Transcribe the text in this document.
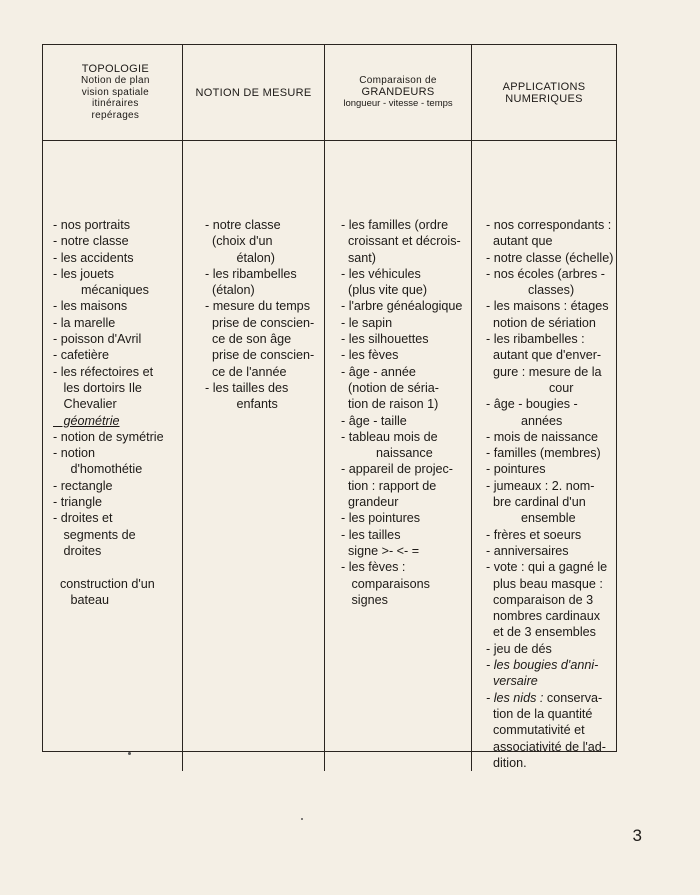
TOPOLOGIE
Notion de plan
vision spatiale
itinéraires
repérages
NOTION DE MESURE
Comparaison de
GRANDEURS
longueur - vitesse - temps
APPLICATIONS
NUMERIQUES
- nos portraits
- notre classe
- les accidents
- les jouets
mécaniques
- les maisons
- la marelle
- poisson d'Avril
- cafetière
- les réfectoires et
les dortoirs Ile
Chevalier
géométrie
- notion de symétrie
- notion
d'homothétie
- rectangle
- triangle
- droites et
segments de
droites

construction d'un
bateau
- notre classe
(choix d'un
étalon)
- les ribambelles
(étalon)
- mesure du temps
prise de conscien-
ce de son âge
prise de conscien-
ce de l'année
- les tailles des
enfants
- les familles (ordre
croissant et décrois-
sant)
- les véhicules
(plus vite que)
- l'arbre généalogique
- le sapin
- les silhouettes
- les fèves
- âge - année
(notion de séria-
tion de raison 1)
- âge - taille
- tableau mois de
naissance
- appareil de projec-
tion : rapport de
grandeur
- les pointures
- les tailles
signe >- <- =
- les fèves :
comparaisons
signes
- nos correspondants :
autant que
- notre classe (échelle)
- nos écoles (arbres -
classes)
- les maisons : étages
notion de sériation
- les ribambelles :
autant que d'enver-
gure : mesure de la
cour
- âge - bougies -
années
- mois de naissance
- familles (membres)
- pointures
- jumeaux : 2. nom-
bre cardinal d'un
ensemble
- frères et soeurs
- anniversaires
- vote : qui a gagné le
plus beau masque :
comparaison de 3
nombres cardinaux
et de 3 ensembles
- jeu de dés
- les bougies d'anni-
versaire
- les nids : conserva-
tion de la quantité
commutativité et
associativité de l'ad-
dition.
3
